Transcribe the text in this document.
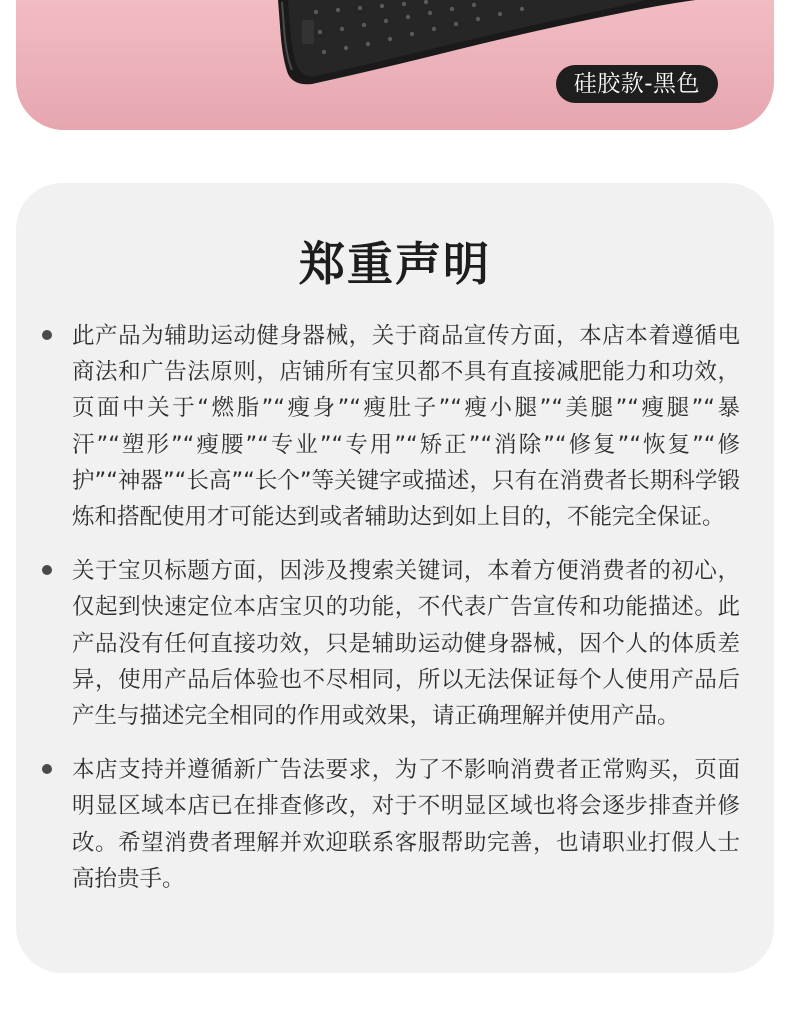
硅胶款-黑色
郑重声明
此产品为辅助运动健身器械，关于商品宣传方面，本店本着遵循电商法和广告法原则，店铺所有宝贝都不具有直接减肥能力和功效，页面中关于“燃脂”“瘦身”“瘦肚子”“瘦小腿”“美腿”“瘦腿”“暴汗”“塑形”“瘦腰”“专业”“专用”“矫正”“消除”“修复”“恢复”“修护”“神器”“长高”“长个”等关键字或描述，只有在消费者长期科学锻炼和搭配使用才可能达到或者辅助达到如上目的，不能完全保证。
关于宝贝标题方面，因涉及搜索关键词，本着方便消费者的初心，仅起到快速定位本店宝贝的功能，不代表广告宣传和功能描述。此产品没有任何直接功效，只是辅助运动健身器械，因个人的体质差异，使用产品后体验也不尽相同，所以无法保证每个人使用产品后产生与描述完全相同的作用或效果，请正确理解并使用产品。
本店支持并遵循新广告法要求，为了不影响消费者正常购买，页面明显区域本店已在排查修改，对于不明显区域也将会逐步排查并修改。希望消费者理解并欢迎联系客服帮助完善，也请职业打假人士高抬贵手。
